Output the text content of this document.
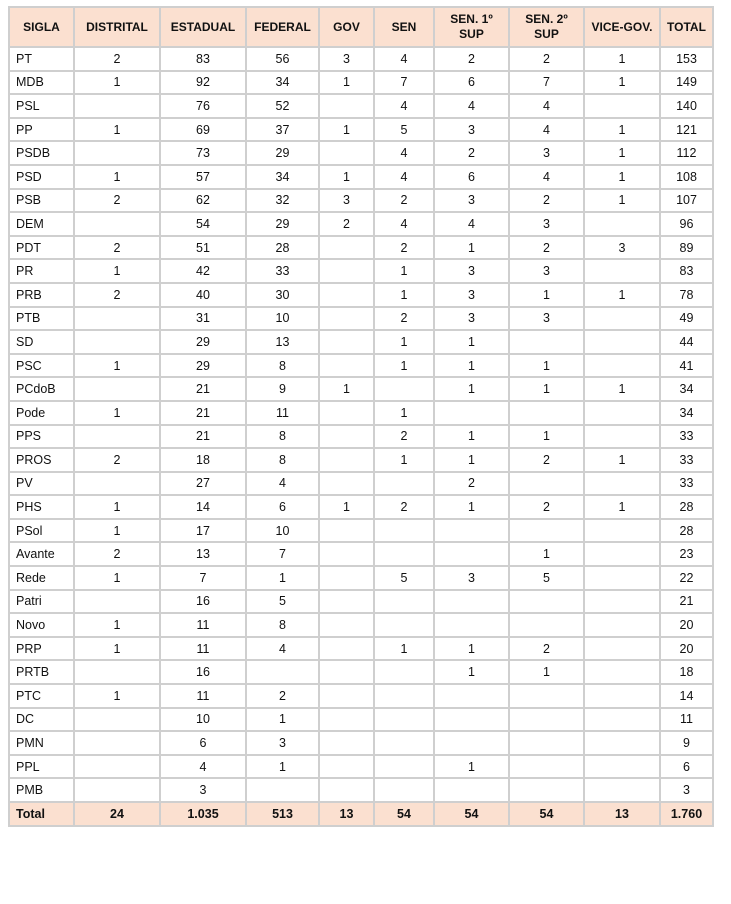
SIGLA	DISTRITAL	ESTADUAL	FEDERAL	GOV	SEN	SEN. 1º SUP	SEN. 2º SUP	VICE-GOV.	TOTAL
PT	2	83	56	3	4	2	2	1	153
MDB	1	92	34	1	7	6	7	1	149
PSL		76	52		4	4	4		140
PP	1	69	37	1	5	3	4	1	121
PSDB		73	29		4	2	3	1	112
PSD	1	57	34	1	4	6	4	1	108
PSB	2	62	32	3	2	3	2	1	107
DEM		54	29	2	4	4	3		96
PDT	2	51	28		2	1	2	3	89
PR	1	42	33		1	3	3		83
PRB	2	40	30		1	3	1	1	78
PTB		31	10		2	3	3		49
SD		29	13		1	1			44
PSC	1	29	8		1	1	1		41
PCdoB		21	9	1		1	1	1	34
Pode	1	21	11		1				34
PPS		21	8		2	1	1		33
PROS	2	18	8		1	1	2	1	33
PV		27	4			2			33
PHS	1	14	6	1	2	1	2	1	28
PSol	1	17	10						28
Avante	2	13	7				1		23
Rede	1	7	1		5	3	5		22
Patri		16	5						21
Novo	1	11	8						20
PRP	1	11	4		1	1	2		20
PRTB		16				1	1		18
PTC	1	11	2						14
DC		10	1						11
PMN		6	3						9
PPL		4	1			1			6
PMB		3							3
Total	24	1.035	513	13	54	54	54	13	1.760
